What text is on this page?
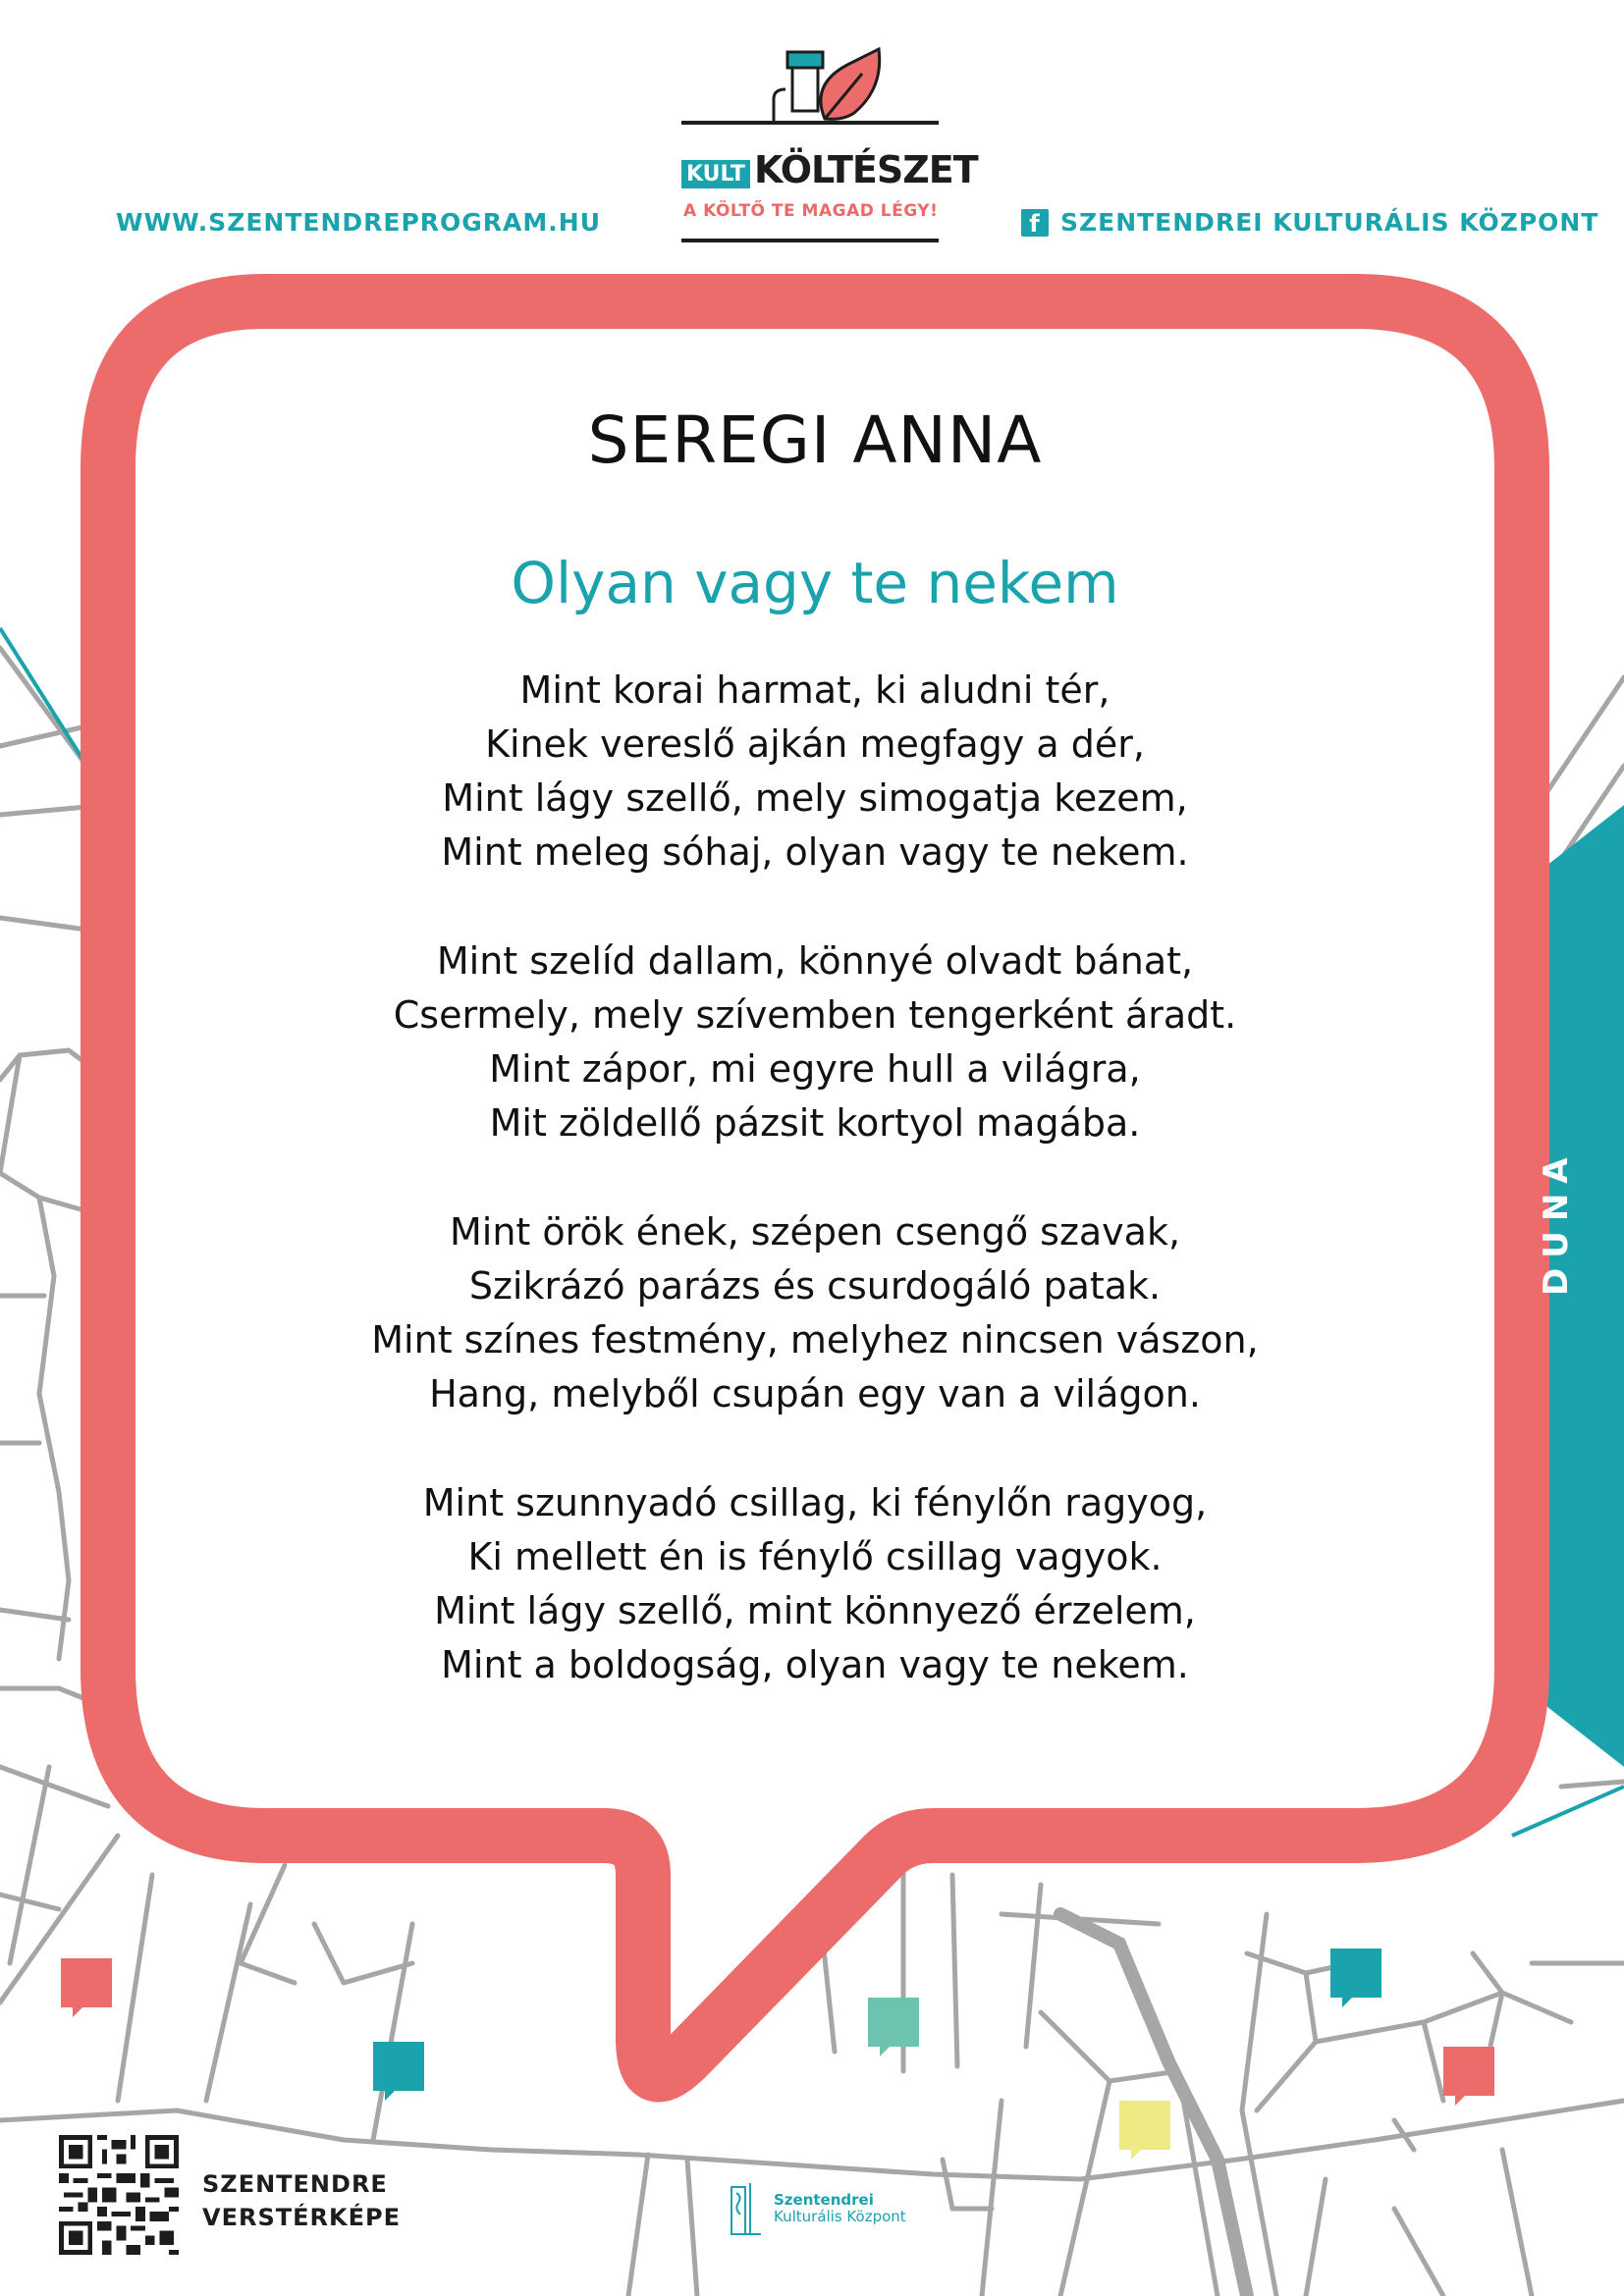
WWW.SZENTENDREPROGRAM.HU	f SZENTENDREI KULTURÁLIS KÖZPONT
KULT KÖLTÉSZET
A KÖLTŐ TE MAGAD LÉGY!
SEREGI ANNA
Olyan vagy te nekem
Mint korai harmat, ki aludni tér,
Kinek vereslő ajkán megfagy a dér,
Mint lágy szellő, mely simogatja kezem,
Mint meleg sóhaj, olyan vagy te nekem.
Mint szelíd dallam, könnyé olvadt bánat,
Csermely, mely szívemben tengerként áradt.
Mint zápor, mi egyre hull a világra,
Mit zöldellő pázsit kortyol magába.
Mint örök ének, szépen csengő szavak,
Szikrázó parázs és csurdogáló patak.
Mint színes festmény, melyhez nincsen vászon,
Hang, melyből csupán egy van a világon.
Mint szunnyadó csillag, ki fénylőn ragyog,
Ki mellett én is fénylő csillag vagyok.
Mint lágy szellő, mint könnyező érzelem,
Mint a boldogság, olyan vagy te nekem.
DUNA
SZENTENDRE
VERSTÉRKÉPE
Szentendrei
Kulturális Központ
